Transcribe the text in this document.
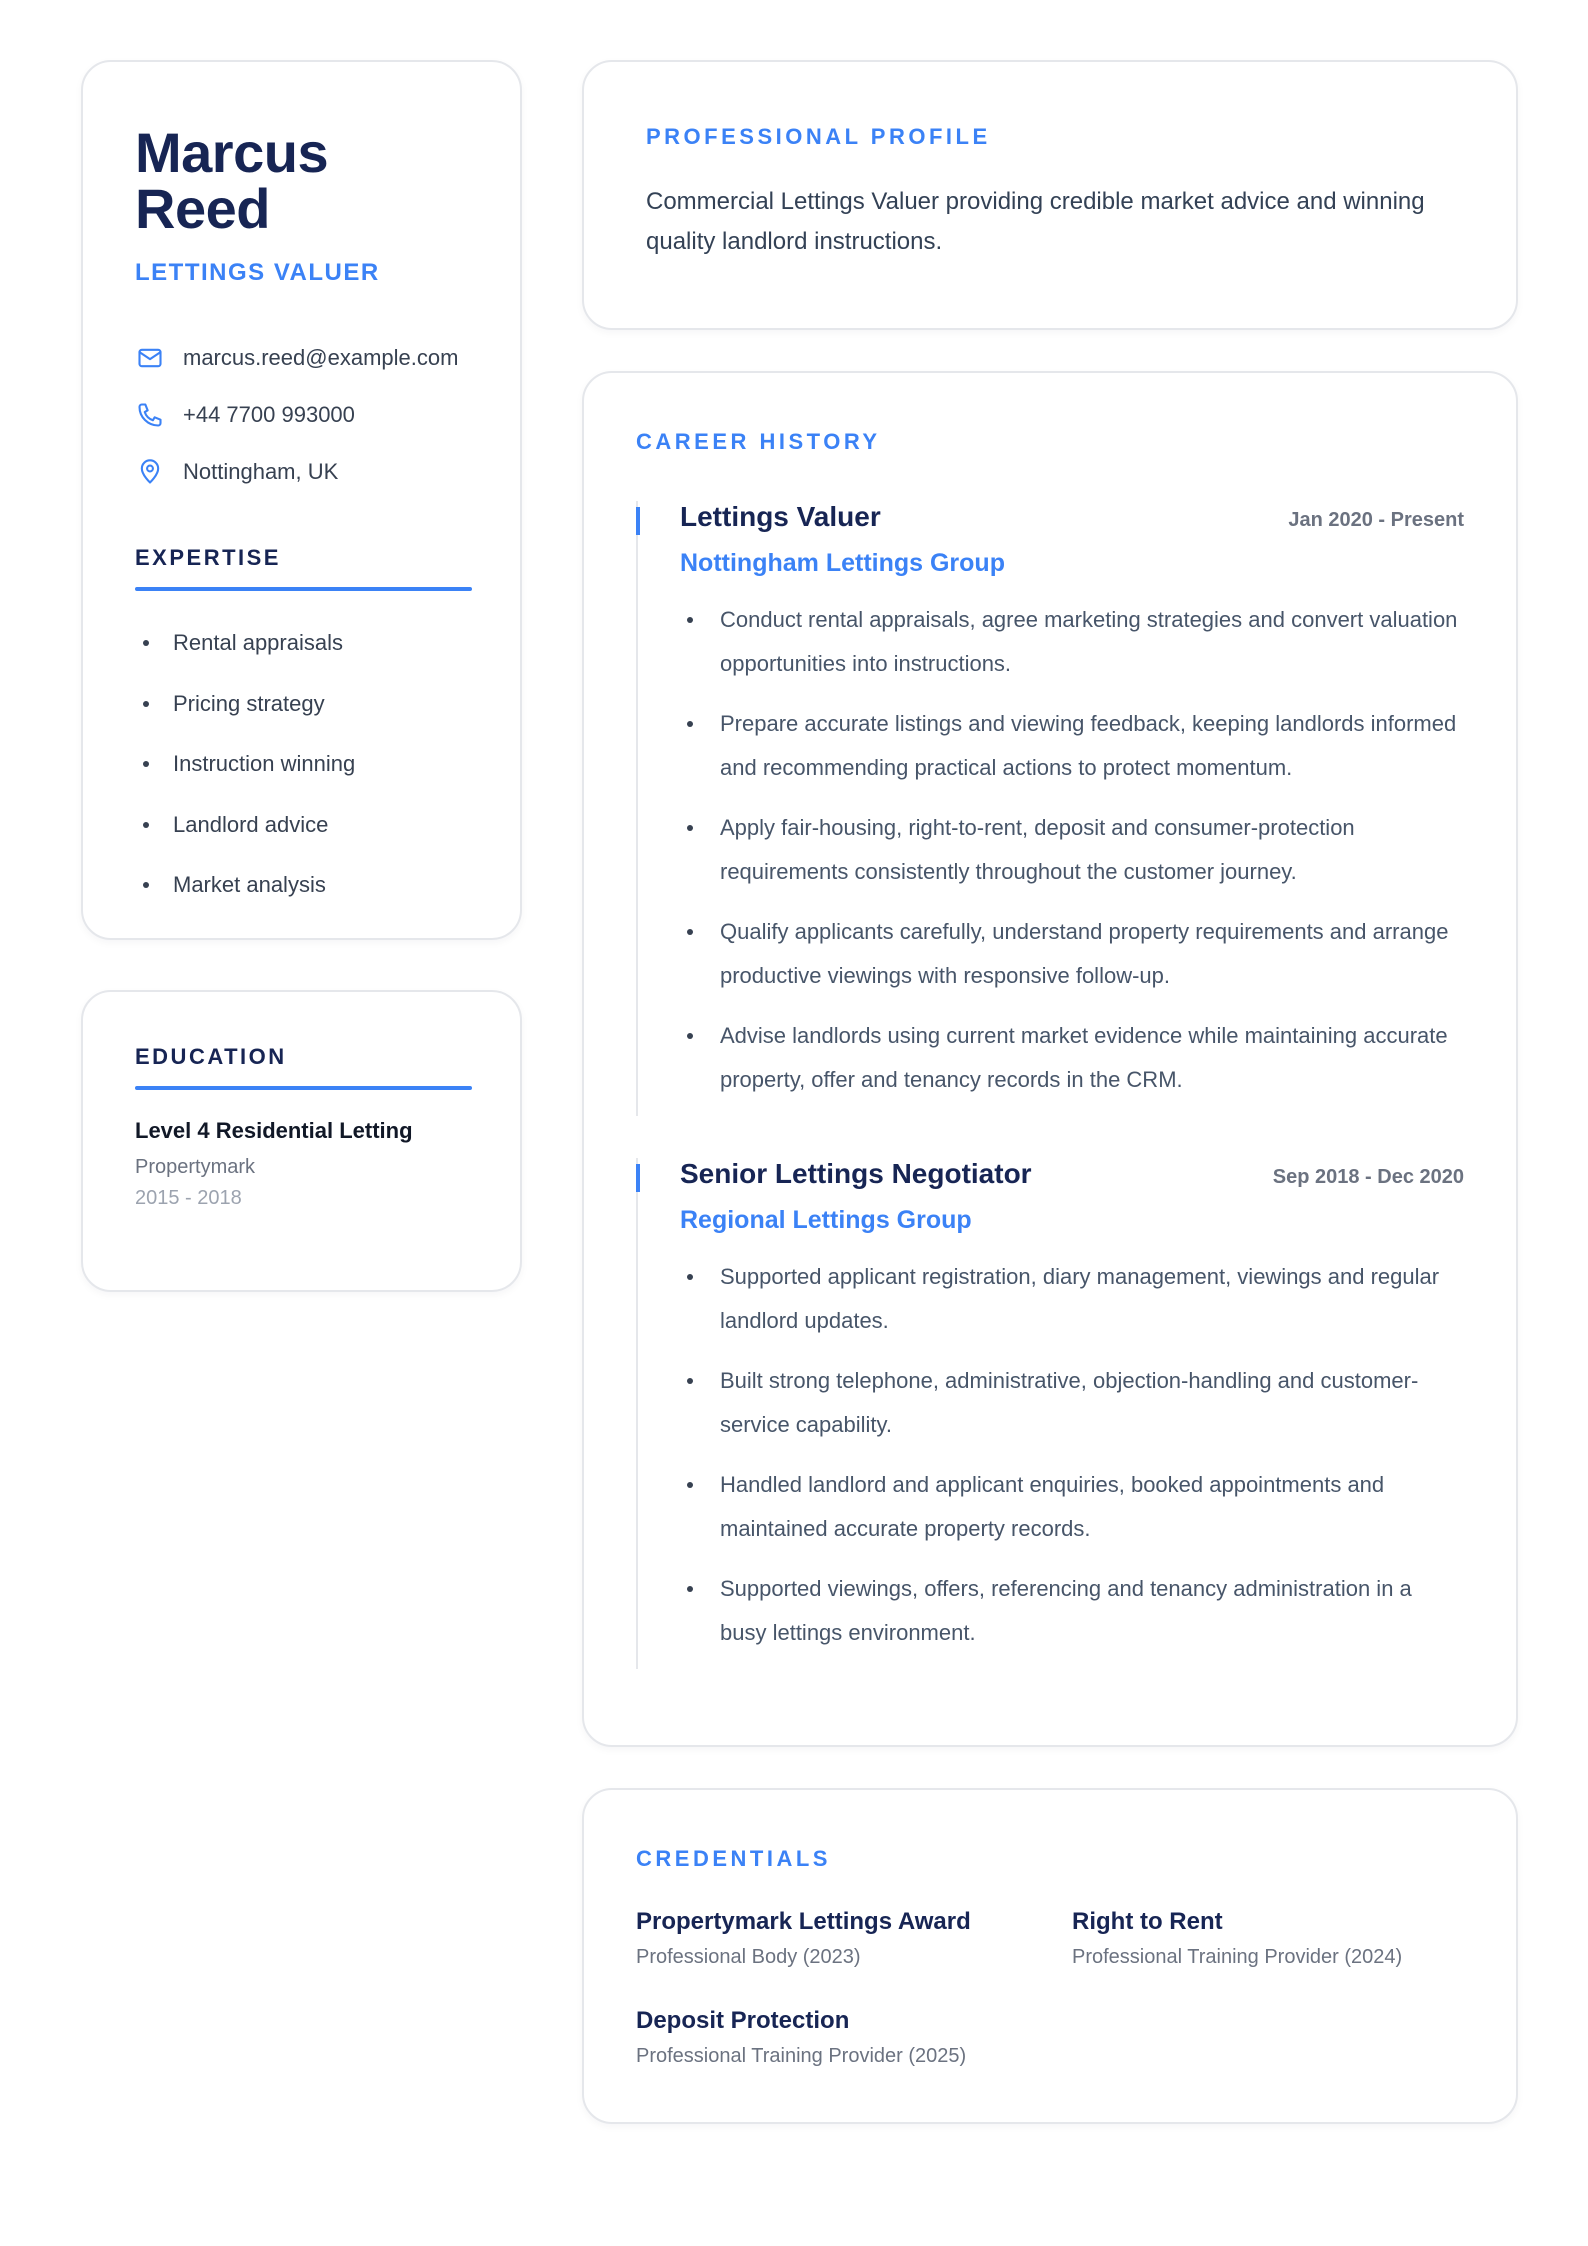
Marcus Reed
LETTINGS VALUER
marcus.reed@example.com
+44 7700 993000
Nottingham, UK
EXPERTISE
Rental appraisals
Pricing strategy
Instruction winning
Landlord advice
Market analysis
EDUCATION
Level 4 Residential Letting
Propertymark
2015 - 2018
PROFESSIONAL PROFILE

Commercial Lettings Valuer providing credible market advice and winning quality landlord instructions.

CAREER HISTORY
Lettings Valuer	Jan 2020 - Present
Nottingham Lettings Group
Conduct rental appraisals, agree marketing strategies and convert valuation opportunities into instructions.
Prepare accurate listings and viewing feedback, keeping landlords informed and recommending practical actions to protect momentum.
Apply fair-housing, right-to-rent, deposit and consumer-protection requirements consistently throughout the customer journey.
Qualify applicants carefully, understand property requirements and arrange productive viewings with responsive follow-up.
Advise landlords using current market evidence while maintaining accurate property, offer and tenancy records in the CRM.
Senior Lettings Negotiator	Sep 2018 - Dec 2020
Regional Lettings Group
Supported applicant registration, diary management, viewings and regular landlord updates.
Built strong telephone, administrative, objection-handling and customer-service capability.
Handled landlord and applicant enquiries, booked appointments and maintained accurate property records.
Supported viewings, offers, referencing and tenancy administration in a busy lettings environment.
CREDENTIALS
Propertymark Lettings Award
Professional Body (2023)
Right to Rent
Professional Training Provider (2024)
Deposit Protection
Professional Training Provider (2025)
